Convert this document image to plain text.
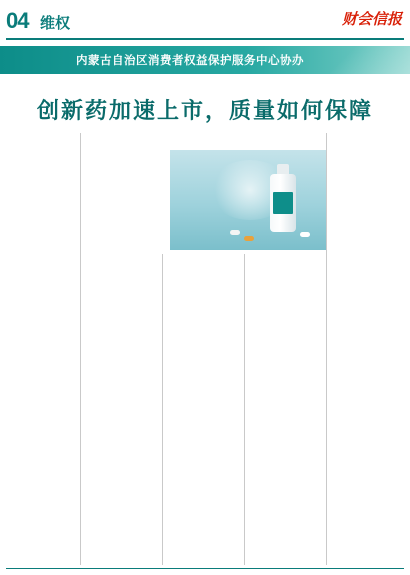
04 维权	财会信报
内蒙古自治区消费者权益保护服务中心协办
创新药加速上市，质量如何保障
